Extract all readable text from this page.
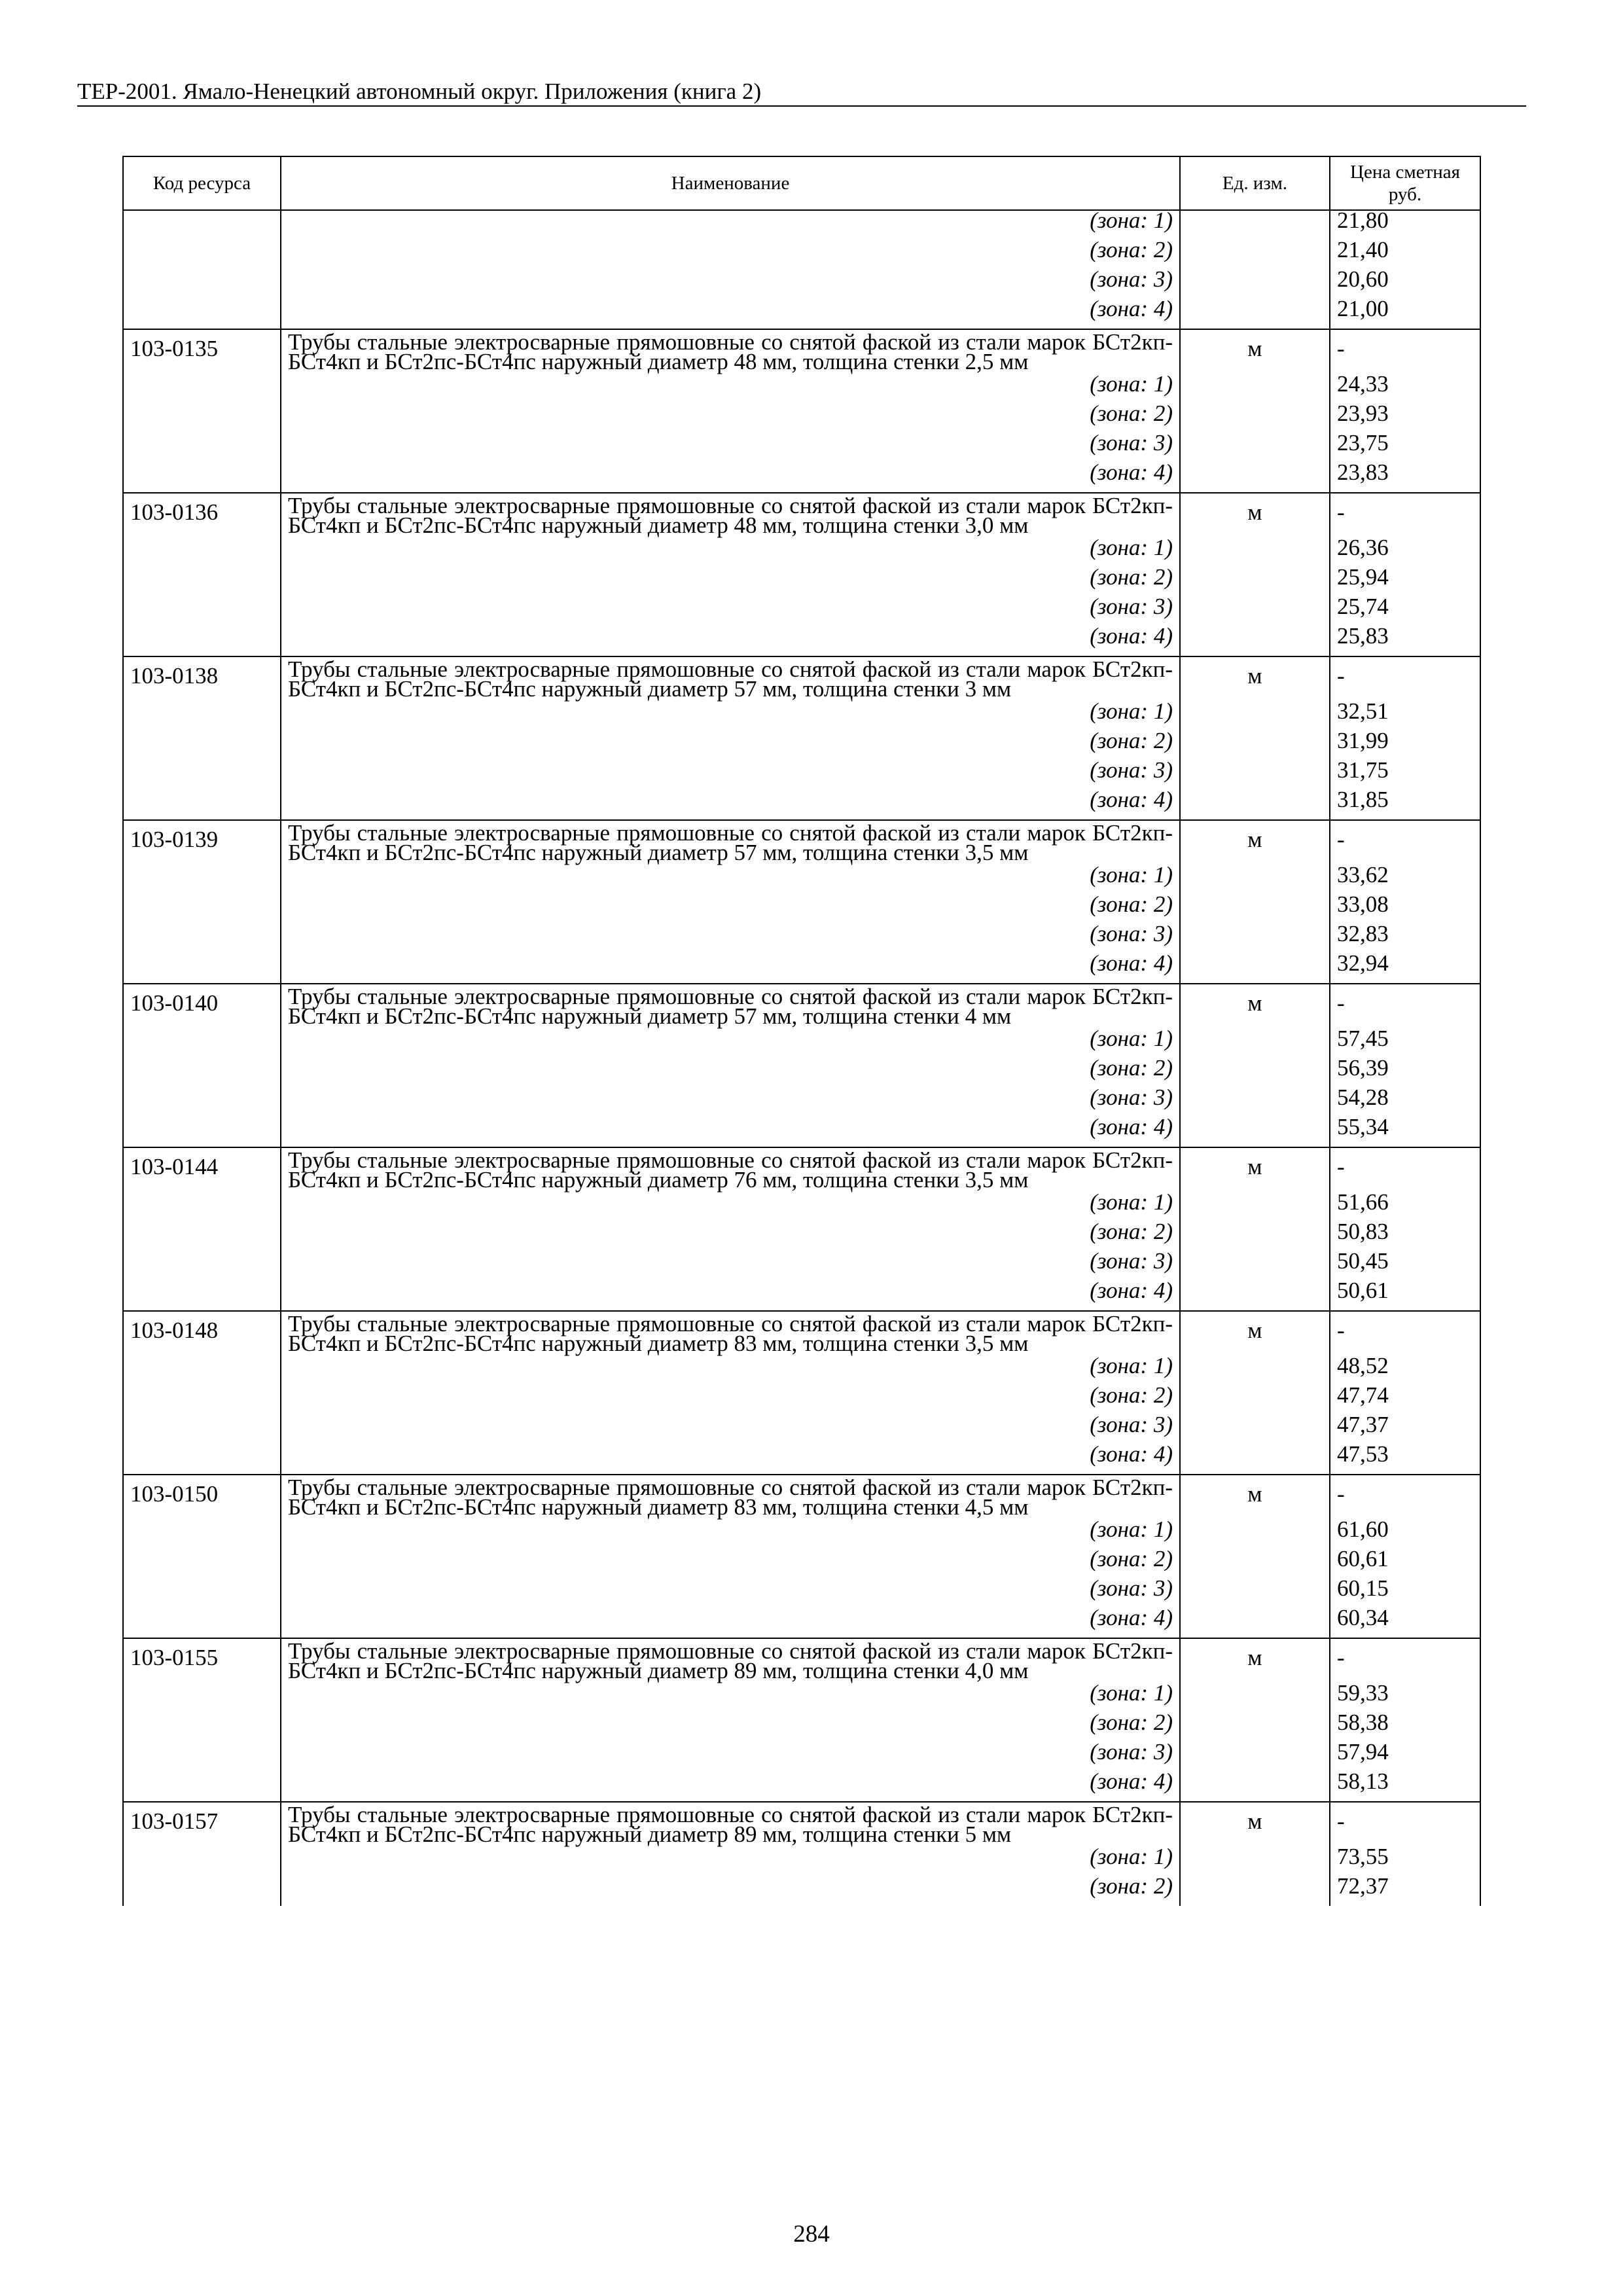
ТЕР-2001. Ямало-Ненецкий автономный округ. Приложения (книга 2)
Код ресурса	Наименование	Ед. изм.	Цена сметная руб.
	(зона: 1)		21,80
	(зона: 2)		21,40
	(зона: 3)		20,60
	(зона: 4)		21,00
103-0135	Трубы стальные электросварные прямошовные со снятой фаской из стали марок БСт2кп-БСт4кп и БСт2пс-БСт4пс наружный диаметр 48 мм, толщина стенки 2,5 мм	м	-
	(зона: 1)		24,33
	(зона: 2)		23,93
	(зона: 3)		23,75
	(зона: 4)		23,83
103-0136	Трубы стальные электросварные прямошовные со снятой фаской из стали марок БСт2кп-БСт4кп и БСт2пс-БСт4пс наружный диаметр 48 мм, толщина стенки 3,0 мм	м	-
	(зона: 1)		26,36
	(зона: 2)		25,94
	(зона: 3)		25,74
	(зона: 4)		25,83
103-0138	Трубы стальные электросварные прямошовные со снятой фаской из стали марок БСт2кп-БСт4кп и БСт2пс-БСт4пс наружный диаметр 57 мм, толщина стенки 3 мм	м	-
	(зона: 1)		32,51
	(зона: 2)		31,99
	(зона: 3)		31,75
	(зона: 4)		31,85
103-0139	Трубы стальные электросварные прямошовные со снятой фаской из стали марок БСт2кп-БСт4кп и БСт2пс-БСт4пс наружный диаметр 57 мм, толщина стенки 3,5 мм	м	-
	(зона: 1)		33,62
	(зона: 2)		33,08
	(зона: 3)		32,83
	(зона: 4)		32,94
103-0140	Трубы стальные электросварные прямошовные со снятой фаской из стали марок БСт2кп-БСт4кп и БСт2пс-БСт4пс наружный диаметр 57 мм, толщина стенки 4 мм	м	-
	(зона: 1)		57,45
	(зона: 2)		56,39
	(зона: 3)		54,28
	(зона: 4)		55,34
103-0144	Трубы стальные электросварные прямошовные со снятой фаской из стали марок БСт2кп-БСт4кп и БСт2пс-БСт4пс наружный диаметр 76 мм, толщина стенки 3,5 мм	м	-
	(зона: 1)		51,66
	(зона: 2)		50,83
	(зона: 3)		50,45
	(зона: 4)		50,61
103-0148	Трубы стальные электросварные прямошовные со снятой фаской из стали марок БСт2кп-БСт4кп и БСт2пс-БСт4пс наружный диаметр 83 мм, толщина стенки 3,5 мм	м	-
	(зона: 1)		48,52
	(зона: 2)		47,74
	(зона: 3)		47,37
	(зона: 4)		47,53
103-0150	Трубы стальные электросварные прямошовные со снятой фаской из стали марок БСт2кп-БСт4кп и БСт2пс-БСт4пс наружный диаметр 83 мм, толщина стенки 4,5 мм	м	-
	(зона: 1)		61,60
	(зона: 2)		60,61
	(зона: 3)		60,15
	(зона: 4)		60,34
103-0155	Трубы стальные электросварные прямошовные со снятой фаской из стали марок БСт2кп-БСт4кп и БСт2пс-БСт4пс наружный диаметр 89 мм, толщина стенки 4,0 мм	м	-
	(зона: 1)		59,33
	(зона: 2)		58,38
	(зона: 3)		57,94
	(зона: 4)		58,13
103-0157	Трубы стальные электросварные прямошовные со снятой фаской из стали марок БСт2кп-БСт4кп и БСт2пс-БСт4пс наружный диаметр 89 мм, толщина стенки 5 мм	м	-
	(зона: 1)		73,55
	(зона: 2)		72,37
284
